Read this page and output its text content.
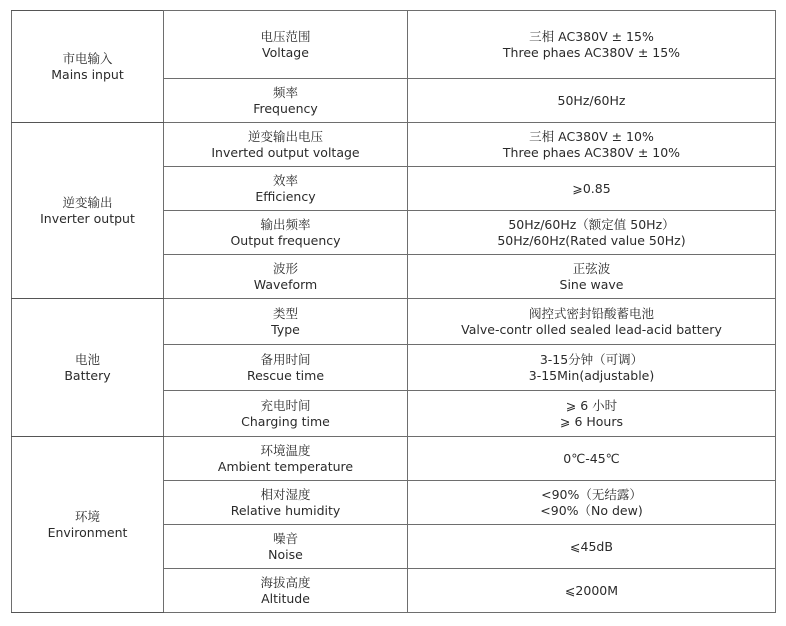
市电输入
Mains input	电压范围
Voltage	三相 AC380V ± 15%
Three phaes AC380V ± 15%

	频率
Frequency	50Hz/60Hz

逆变输出
Inverter output	逆变输出电压
Inverted output voltage	三相 AC380V ± 10%
Three phaes AC380V ± 10%

	效率
Efficiency	⩾0.85

	输出频率
Output frequency	50Hz/60Hz（额定值 50Hz）
50Hz/60Hz(Rated value 50Hz)

	波形
Waveform	正弦波
Sine wave

电池
Battery	类型
Type	阀控式密封铅酸蓄电池
Valve-contr olled sealed lead-acid battery

	备用时间
Rescue time	3-15分钟（可调）
3-15Min(adjustable)

	充电时间
Charging time	⩾ 6 小时
⩾ 6 Hours

环境
Environment	环境温度
Ambient temperature	0℃-45℃

	相对湿度
Relative humidity	<90%（无结露）
<90%（No dew)

	噪音
Noise	⩽45dB

	海拔高度
Altitude	⩽2000M
